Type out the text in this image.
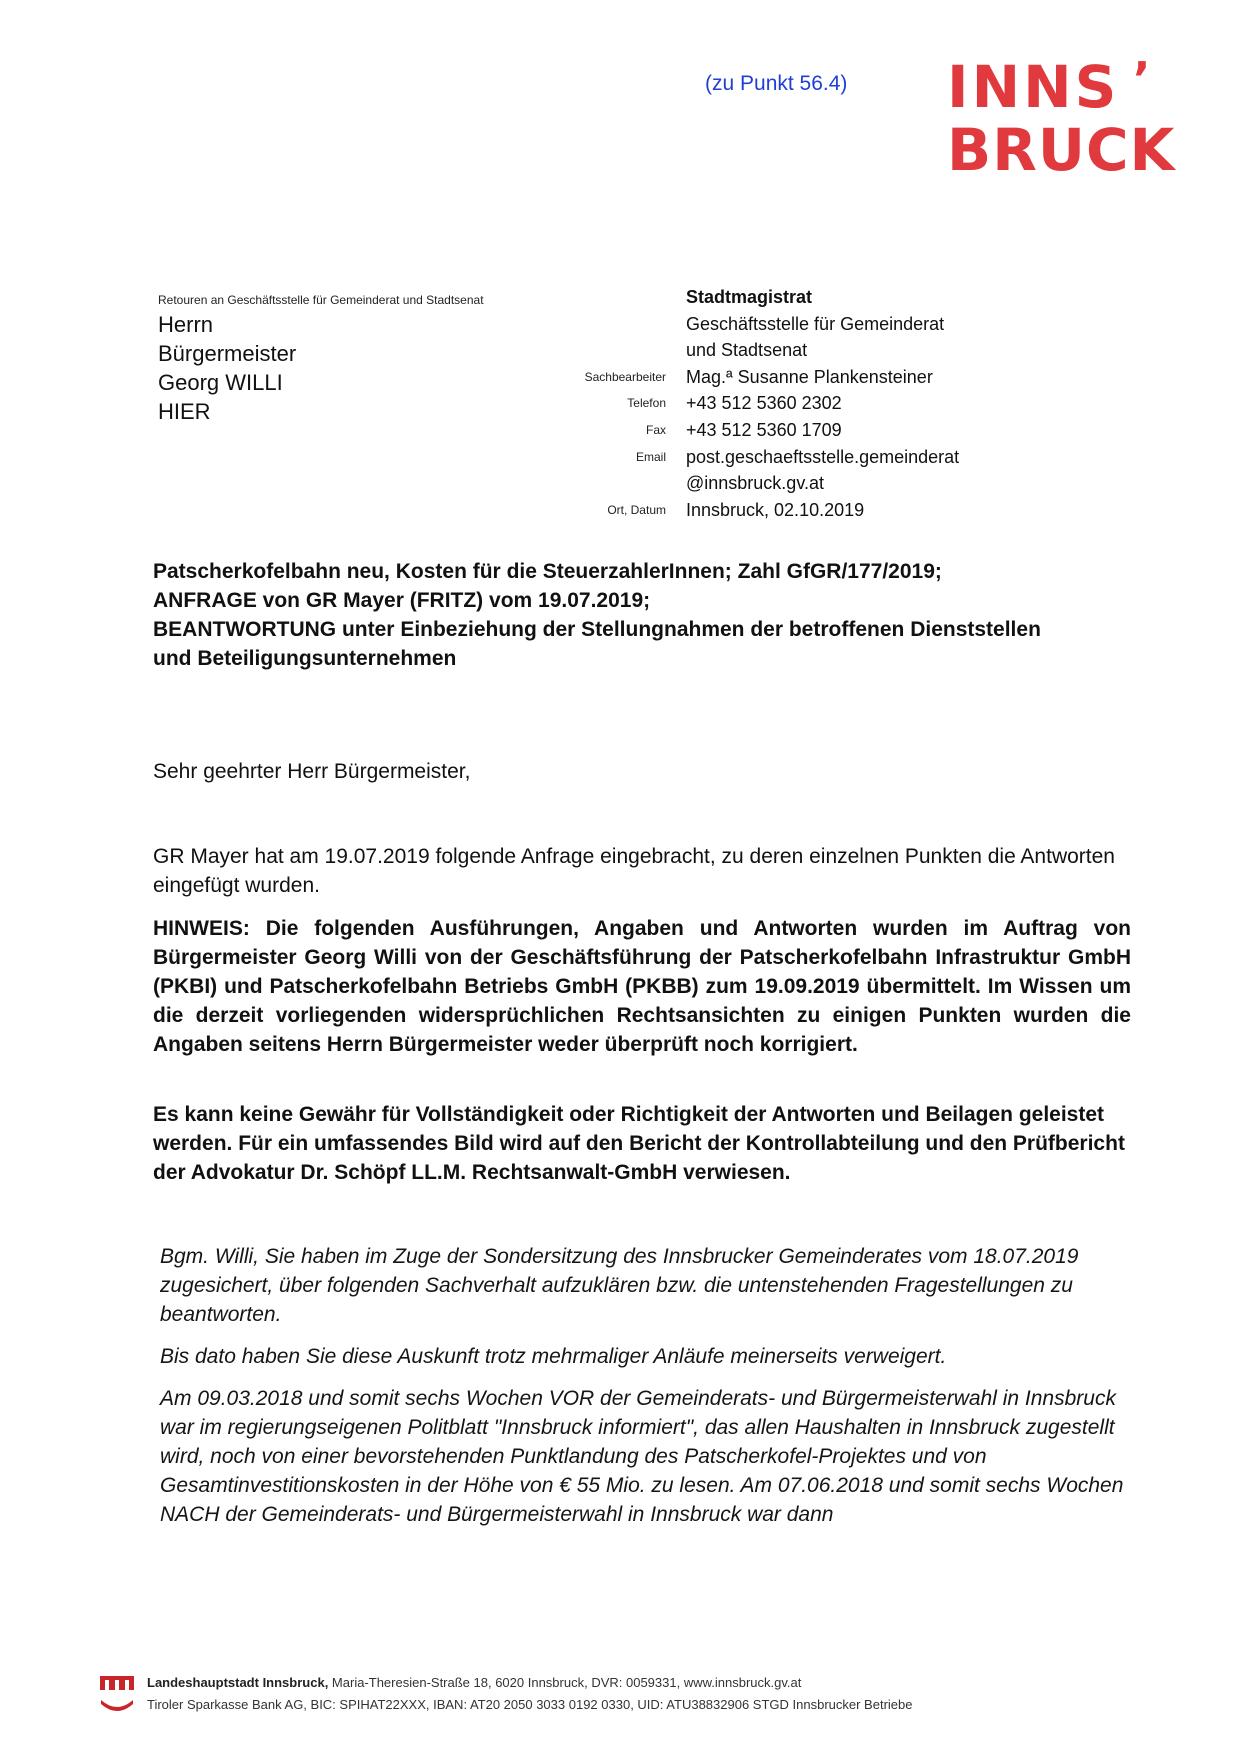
(zu Punkt 56.4) INNS ’
BRUCK
Retouren an Geschäftsstelle für Gemeinderat und Stadtsenat
Herrn
Bürgermeister
Georg WILLI
HIER

Sachbearbeiter
Telefon
Fax
Email
Ort, Datum
Stadtmagistrat
Geschäftsstelle für Gemeinderat
und Stadtsenat
Mag.ª Susanne Plankensteiner
+43 512 5360 2302
+43 512 5360 1709
post.geschaeftsstelle.gemeinderat
@innsbruck.gv.at
Innsbruck, 02.10.2019
Patscherkofelbahn neu, Kosten für die SteuerzahlerInnen; Zahl GfGR/177/2019;
ANFRAGE von GR Mayer (FRITZ) vom 19.07.2019;
BEANTWORTUNG unter Einbeziehung der Stellungnahmen der betroffenen Dienststellen
und Beteiligungsunternehmen
Sehr geehrter Herr Bürgermeister,
GR Mayer hat am 19.07.2019 folgende Anfrage eingebracht, zu deren einzelnen Punkten die Antworten eingefügt wurden.
HINWEIS: Die folgenden Ausführungen, Angaben und Antworten wurden im Auftrag von Bürgermeister Georg Willi von der Geschäftsführung der Patscherkofelbahn Infrastruktur GmbH (PKBI) und Patscherkofelbahn Betriebs GmbH (PKBB) zum 19.09.2019 übermittelt. Im Wissen um die derzeit vorliegenden widersprüchlichen Rechtsansichten zu einigen Punkten wurden die Angaben seitens Herrn Bürgermeister weder überprüft noch korrigiert.
Es kann keine Gewähr für Vollständigkeit oder Richtigkeit der Antworten und Beilagen geleistet werden. Für ein umfassendes Bild wird auf den Bericht der Kontrollabteilung und den Prüfbericht der Advokatur Dr. Schöpf LL.M. Rechtsanwalt-GmbH verwiesen.
Bgm. Willi, Sie haben im Zuge der Sondersitzung des Innsbrucker Gemeinderates vom 18.07.2019 zugesichert, über folgenden Sachverhalt aufzuklären bzw. die untenstehenden Fragestellungen zu beantworten.
Bis dato haben Sie diese Auskunft trotz mehrmaliger Anläufe meinerseits verweigert.
Am 09.03.2018 und somit sechs Wochen VOR der Gemeinderats- und Bürgermeisterwahl in Innsbruck war im regierungseigenen Politblatt "Innsbruck informiert", das allen Haushalten in Innsbruck zugestellt wird, noch von einer bevorstehenden Punktlandung des Patscherkofel-Projektes und von Gesamtinvestitionskosten in der Höhe von € 55 Mio. zu lesen. Am 07.06.2018 und somit sechs Wochen NACH der Gemeinderats- und Bürgermeisterwahl in Innsbruck war dann
Landeshauptstadt Innsbruck, Maria-Theresien-Straße 18, 6020 Innsbruck, DVR: 0059331, www.innsbruck.gv.at
Tiroler Sparkasse Bank AG, BIC: SPIHAT22XXX, IBAN: AT20 2050 3033 0192 0330, UID: ATU38832906 STGD Innsbrucker Betriebe
